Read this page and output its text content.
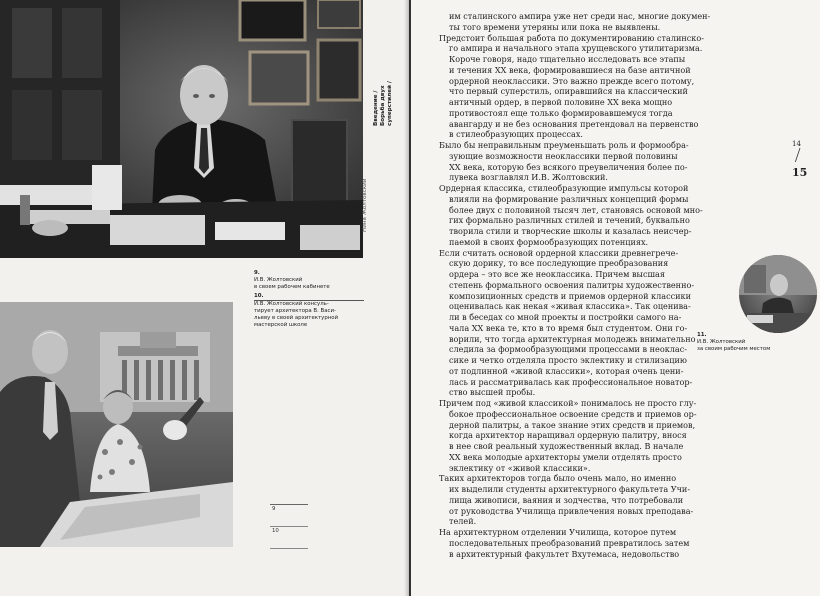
Введение / Борьба двух суперстилей /
Нина Жолтовский
9.
И.В. Жолтовский
в своем рабочем кабинете
10.
И.В. Жолтовский консуль-
тирует архитектора В. Васи-
льеву в своей архитектурной
мастерской школе
9
10
им сталинского ампира уже нет среди нас, многие докумен-
ты того времени утеряны или пока не выявлены.
Предстоит большая работа по документированию сталинско-
го ампира и начального этапа хрущевского утилитаризма.
Короче говоря, надо тщательно исследовать все этапы
и течения ХХ века, формировавшиеся на базе античной
ордерной неоклассики. Это важно прежде всего потому,
что первый суперстиль, опиравшийся на классический
античный ордер, в первой половине ХХ века мощно
противостоял еще только формировавшемуся тогда
авангарду и не без основания претендовал на первенство
в стилеобразующих процессах.
Было бы неправильным преуменьшать роль и формообра-
зующие возможности неоклассики первой половины
ХХ века, которую без всякого преувеличения более по-
лувека возглавлял И.В. Жолтовский.
Ордерная классика, стилеобразующие импульсы которой
влияли на формирование различных концепций формы
более двух с половиной тысяч лет, становясь основой мно-
гих формально различных стилей и течений, буквально
творила стили и творческие школы и казалась неисчер-
паемой в своих формообразующих потенциях.
Если считать основой ордерной классики древнегрече-
скую дорику, то все последующие преобразования
ордера – это все же неоклассика. Причем высшая
степень формального освоения палитры художественно-
композиционных средств и приемов ордерной классики
оценивалась как некая «живая классика». Так оценива-
ли в беседах со мной проекты и постройки самого на-
чала ХХ века те, кто в то время был студентом. Они го-
ворили, что тогда архитектурная молодежь внимательно
следила за формообразующими процессами в неоклас-
сике и четко отделяла просто эклектику и стилизацию
от подлинной «живой классики», которая очень цени-
лась и рассматривалась как профессиональное новатор-
ство высшей пробы.
Причем под «живой классикой» понималось не просто глу-
бокое профессиональное освоение средств и приемов ор-
дерной палитры, а такое знание этих средств и приемов,
когда архитектор наращивал ордерную палитру, внося
в нее свой реальный художественный вклад. В начале
ХХ века молодые архитекторы умели отделять просто
эклектику от «живой классики».
Таких архитекторов тогда было очень мало, но именно
их выделили студенты архитектурного факультета Учи-
лища живописи, ваяния и зодчества, что потребовали
от руководства Училища привлечения новых преподава-
телей.
На архитектурном отделении Училища, которое путем
последовательных преобразований превратилось затем
в архитектурный факультет Вхутемаса, недовольство
14
15
11.
И.В. Жолтовский
за своим рабочим местом
